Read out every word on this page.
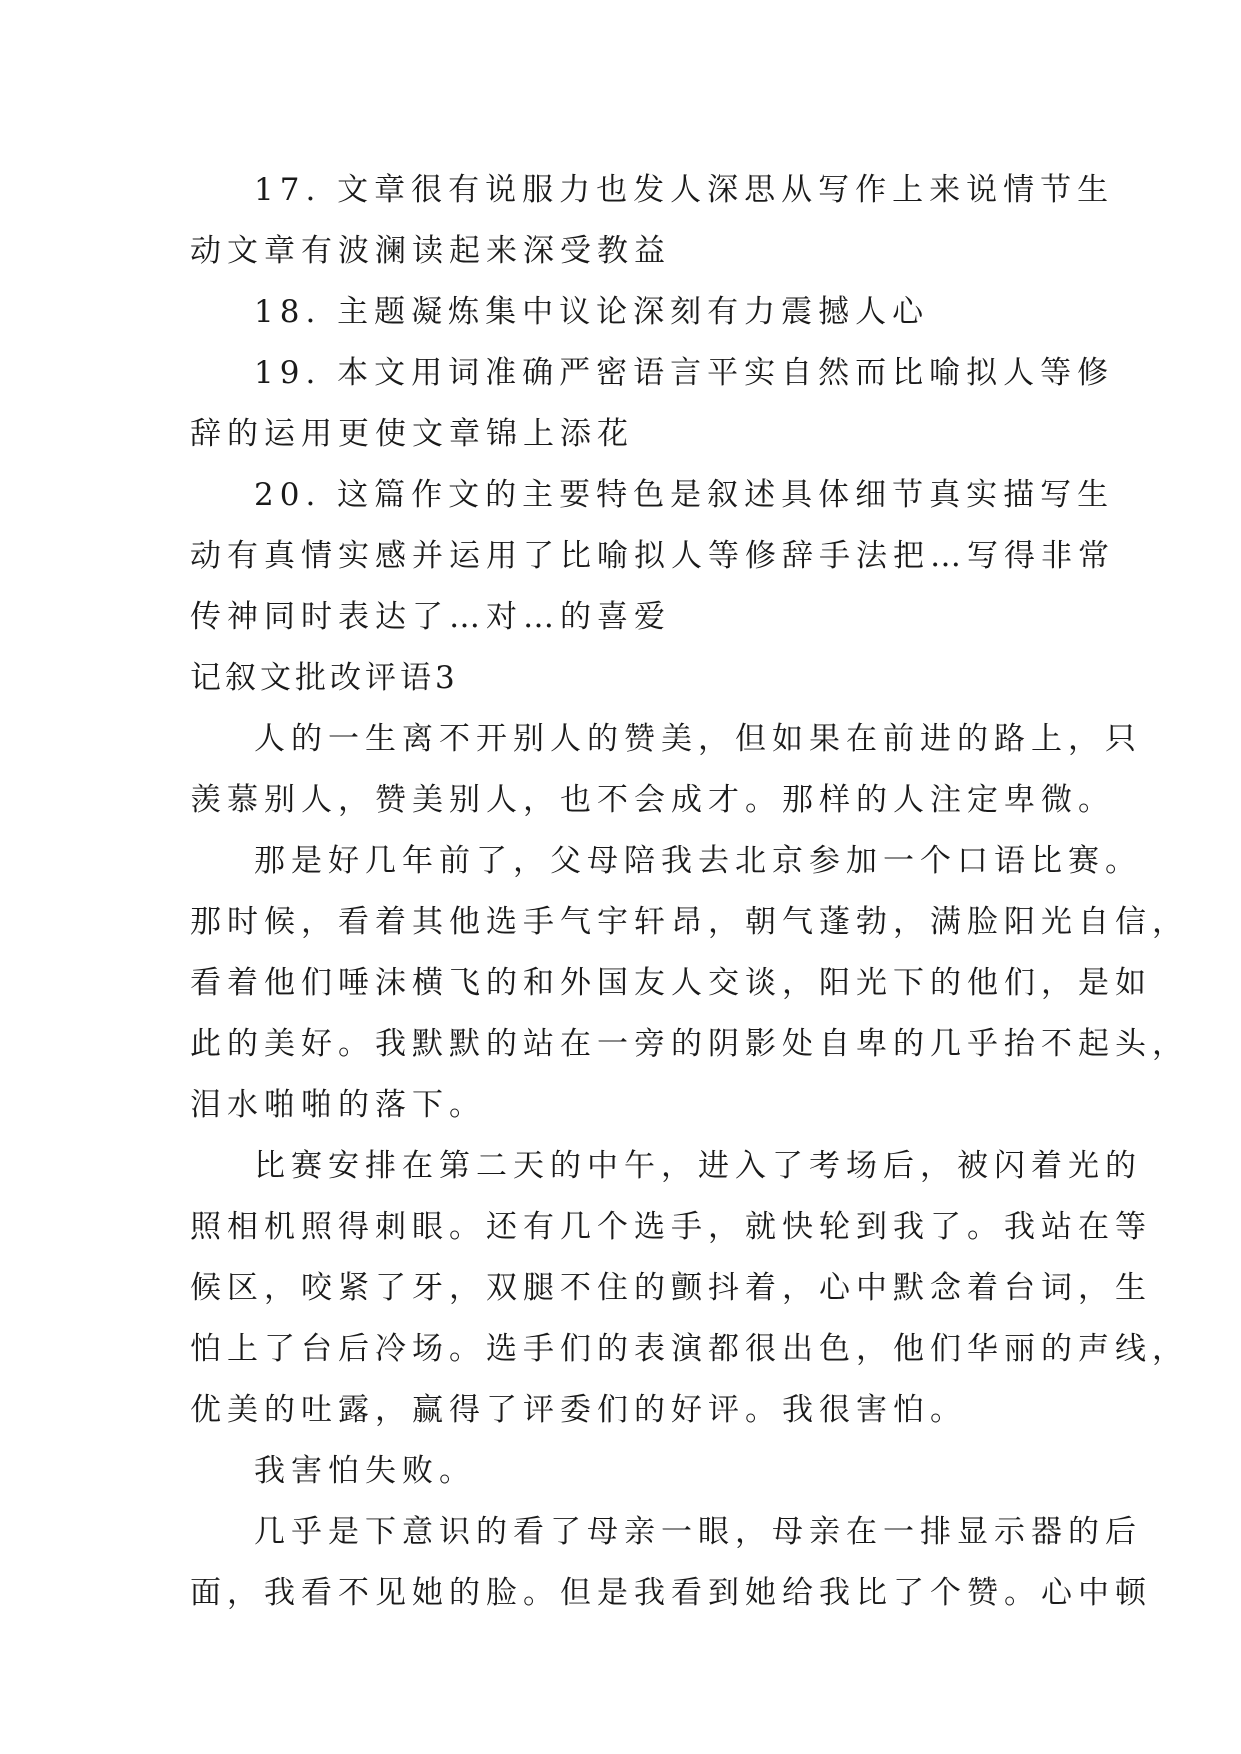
17. 文章很有说服力也发人深思从写作上来说情节生
动文章有波澜读起来深受教益
18. 主题凝炼集中议论深刻有力震撼人心
19. 本文用词准确严密语言平实自然而比喻拟人等修
辞的运用更使文章锦上添花
20. 这篇作文的主要特色是叙述具体细节真实描写生
动有真情实感并运用了比喻拟人等修辞手法把…写得非常
传神同时表达了…对…的喜爱
记叙文批改评语3
人的一生离不开别人的赞美，但如果在前进的路上，只
羡慕别人，赞美别人，也不会成才。那样的人注定卑微。
那是好几年前了，父母陪我去北京参加一个口语比赛。
那时候，看着其他选手气宇轩昂，朝气蓬勃，满脸阳光自信，
看着他们唾沫横飞的和外国友人交谈，阳光下的他们，是如
此的美好。我默默的站在一旁的阴影处自卑的几乎抬不起头，
泪水啪啪的落下。
比赛安排在第二天的中午，进入了考场后，被闪着光的
照相机照得刺眼。还有几个选手，就快轮到我了。我站在等
候区，咬紧了牙，双腿不住的颤抖着，心中默念着台词，生
怕上了台后冷场。选手们的表演都很出色，他们华丽的声线，
优美的吐露，赢得了评委们的好评。我很害怕。
我害怕失败。
几乎是下意识的看了母亲一眼，母亲在一排显示器的后
面，我看不见她的脸。但是我看到她给我比了个赞。心中顿
